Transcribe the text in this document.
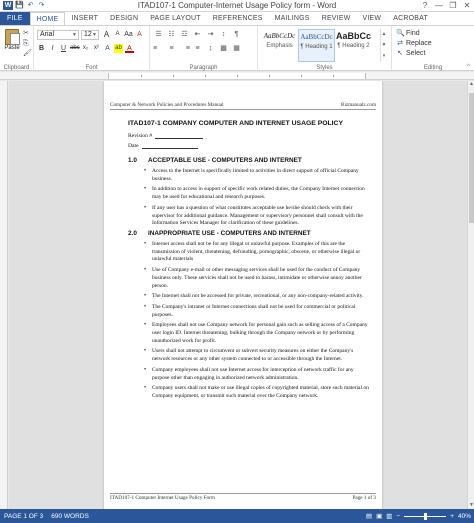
W 💾 ↶ ↷	ITAD107-1 Computer-Internet Usage Policy form - Word	? — ❐ ✕
FILE	HOME	INSERT	DESIGN	PAGE LAYOUT	REFERENCES	MAILINGS	REVIEW	VIEW	ACROBAT
Paste
✂
⎘
🖌
Clipboard
Arial	▼	12 ▼ A	A Aa A
B	I	U abc x₂ x² A ab A
Font
☰ ☷ ☲ ⇤	⇥	↕	¶
≡	≡	≡ ≡	↨	▩ ▦
Paragraph
AaBbCcDc
Emphasis
AaBbCcDc
¶ Heading 1
AaBbCc
¶ Heading 2
▲
▼
▾
Styles
🔍 Find
⇄ Replace
↖ Select
Editing	^
Computer & Network Policies and Procedures Manual	Bizmanualz.com
ITAD107-1 COMPANY COMPUTER AND INTERNET USAGE POLICY
Revision #
Date
1.0	ACCEPTABLE USE - COMPUTERS AND INTERNET
• Access to the Internet is specifically limited to activities in direct support of official Company business.
• In addition to access in support of specific work related duties, the Company Internet connection may be used for educational and research purposes.
• If any user has a question of what constitutes acceptable use he/she should check with their supervisor for additional guidance. Management or supervisory personnel shall consult with the Information Services Manager for clarification of these guidelines.
2.0	INAPPROPRIATE USE - COMPUTERS AND INTERNET
• Internet access shall not be for any illegal or unlawful purpose. Examples of this are the transmission of violent, threatening, defrauding, pornographic, obscene, or otherwise illegal or unlawful materials
• Use of Company e-mail or other messaging services shall be used for the conduct of Company business only. These services shall not be used to harass, intimidate or otherwise annoy another person.
• The Internet shall not be accessed for private, recreational, or any non-company-related activity.
• The Company's intranet or Internet connections shall not be used for commercial or political purposes.
• Employees shall not use Company network for personal gain such as selling access of a Company user login ID. Internet threatening, bulking through the Company network or by performing unauthorized work for profit.
• Users shall not attempt to circumvent or subvert security measures on either the Company's network resources or any other system connected to or accessible through the Internet.
• Company employees shall not use Internet access for interception of network traffic for any purpose other than engaging in authorized network administration.
• Company users shall not make or use illegal copies of copyrighted material, store such material on Company equipment, or transmit such material over the Company network.
ITAD107-1 Computer Internet Usage Policy Form	Page 1 of 3
▲
▼
PAGE 1 OF 3	690 WORDS	▤ ▣ ▥ −	+ 40%
